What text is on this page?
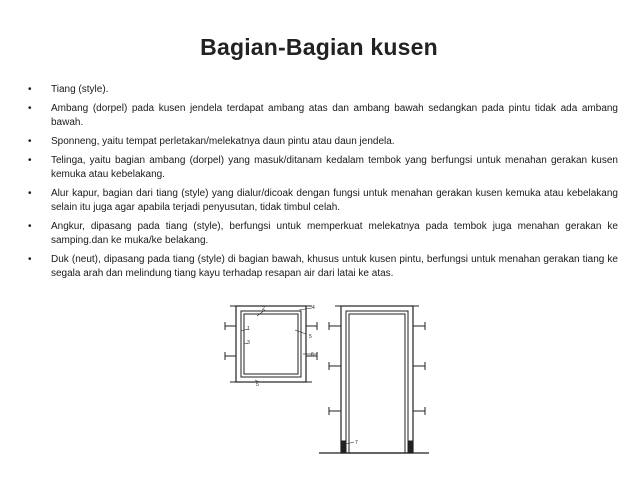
Bagian-Bagian kusen
• Tiang (style).
• Ambang (dorpel) pada kusen jendela terdapat ambang atas dan ambang bawah sedangkan pada pintu tidak ada ambang bawah.
• Sponneng, yaitu tempat perletakan/melekatnya daun pintu atau daun jendela.
• Telinga, yaitu bagian ambang (dorpel) yang masuk/ditanam kedalam tembok yang berfungsi untuk menahan gerakan kusen kemuka atau kebelakang.
• Alur kapur, bagian dari tiang (style) yang dialur/dicoak dengan fungsi untuk menahan gerakan kusen kemuka atau kebelakang selain itu juga agar apabila terjadi penyusutan, tidak timbul celah.
• Angkur, dipasang pada tiang (style), berfungsi untuk memperkuat melekatnya pada tembok juga menahan gerakan ke samping.dan ke muka/ke belakang.
• Duk (neut), dipasang pada tiang (style) di bagian bawah, khusus untuk kusen pintu, berfungsi untuk menahan gerakan tiang ke segala arah dan melindung tiang kayu terhadap resapan air dari latai ke atas.
2
1
3
4
5
6
5
7
